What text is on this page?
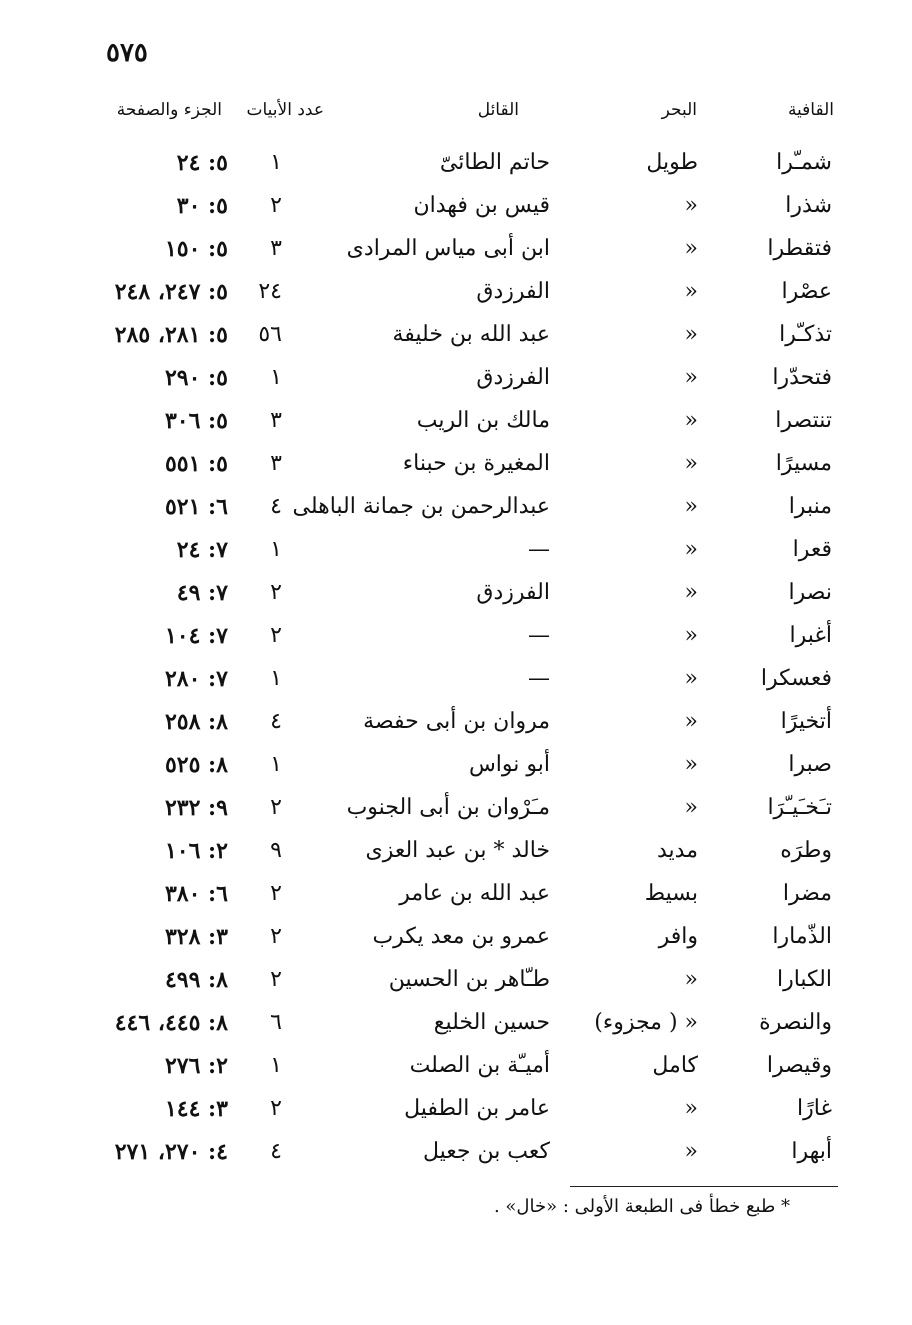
٥٧٥
القافية
البحر
القائل
عدد الأبيات
الجزء والصفحة
شمـّرا
طويل
حاتم الطائىّ
١
٥: ٢٤
شذرا
«
قيس بن فهدان
٢
٥: ٣٠
فتقطرا
«
ابن أبى مياس المرادى
٣
٥: ١٥٠
عصْرا
«
الفرزدق
٢٤
٥: ٢٤٧، ٢٤٨
تذكـّرا
«
عبد الله بن خليفة
٥٦
٥: ٢٨١، ٢٨٥
فتحدّرا
«
الفرزدق
١
٥: ٢٩٠
تنتصرا
«
مالك بن الريب
٣
٥: ٣٠٦
مسيرًا
«
المغيرة بن حبناء
٣
٥: ٥٥١
منبرا
«
عبدالرحمن بن جمانة الباهلى
٤
٦: ٥٢١
قعرا
«
—
١
٧: ٢٤
نصرا
«
الفرزدق
٢
٧: ٤٩
أغبرا
«
—
٢
٧: ١٠٤
فعسكرا
«
—
١
٧: ٢٨٠
أتخيرًا
«
مروان بن أبى حفصة
٤
٨: ٢٥٨
صبرا
«
أبو نواس
١
٨: ٥٢٥
تـَخـَيـّرَا
«
مـَرْوان بن أبى الجنوب
٢
٩: ٢٣٢
وطرَه
مديد
خالد * بن عبد العزى
٩
٢: ١٠٦
مضرا
بسيط
عبد الله بن عامر
٢
٦: ٣٨٠
الذّمارا
وافر
عمرو بن معد يكرب
٢
٣: ٣٢٨
الكبارا
«
طـّاهر بن الحسين
٢
٨: ٤٩٩
والنصرة
« ( مجزوء)
حسين الخليع
٦
٨: ٤٤٥، ٤٤٦
وقيصرا
كامل
أميـّة بن الصلت
١
٢: ٢٧٦
غارًا
«
عامر بن الطفيل
٢
٣: ١٤٤
أبهرا
«
كعب بن جعيل
٤
٤: ٢٧٠، ٢٧١
* طبع خطأ فى الطبعة الأولى : «خال» .
